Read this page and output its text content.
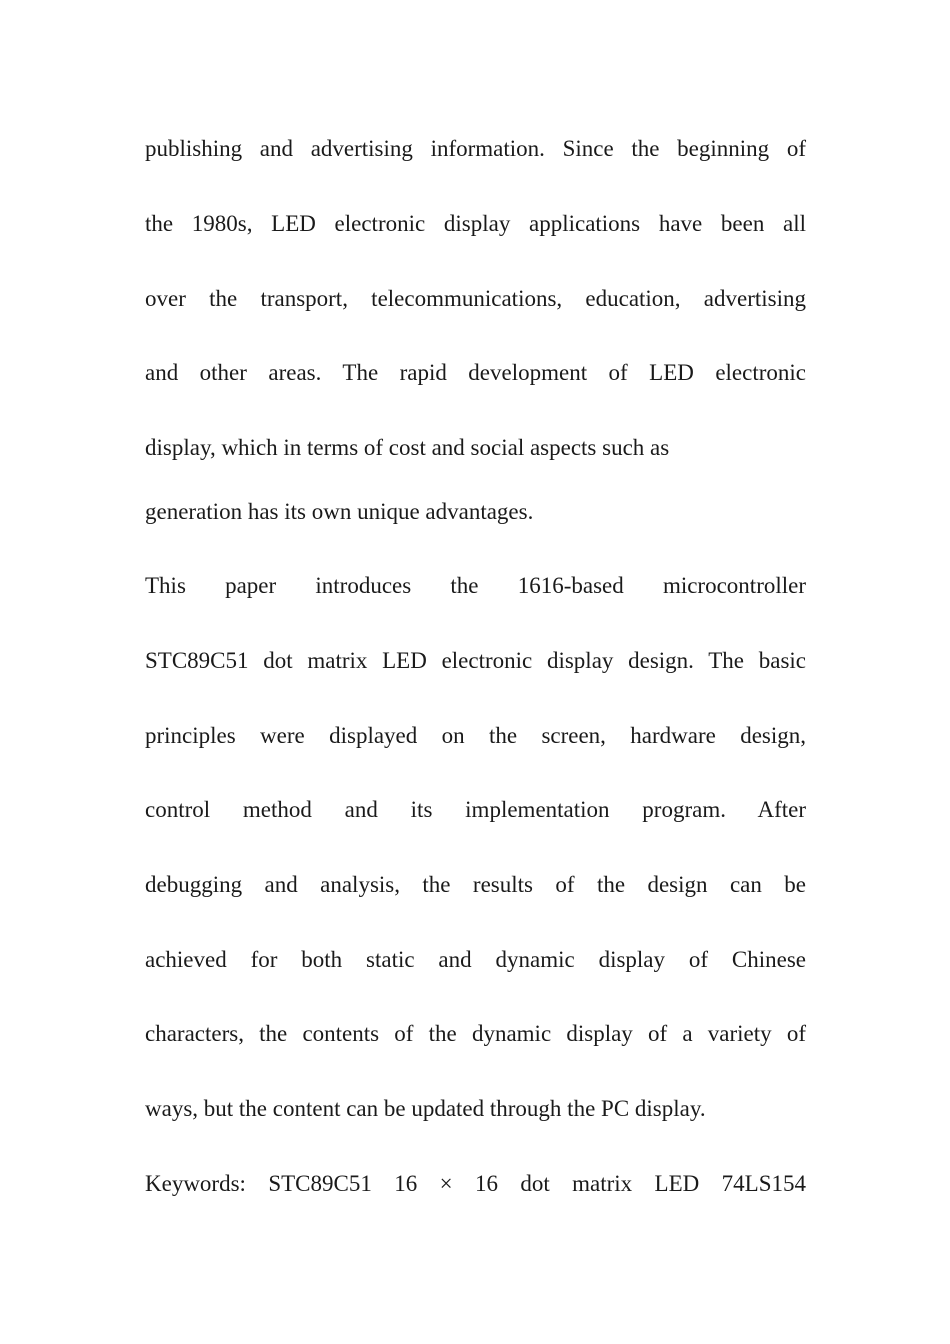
publishing and advertising information. Since the beginning of
the 1980s, LED electronic display applications have been all
over the transport, telecommunications, education, advertising
and other areas. The rapid development of LED electronic
display, which in terms of cost and social aspects such as
generation has its own unique advantages.
This paper introduces the 1616-based microcontroller
STC89C51 dot matrix LED electronic display design. The basic
principles were displayed on the screen, hardware design,
control method and its implementation program. After
debugging and analysis, the results of the design can be
achieved for both static and dynamic display of Chinese
characters, the contents of the dynamic display of a variety of
ways, but the content can be updated through the PC display.
Keywords: STC89C51 16 × 16 dot matrix LED 74LS154
